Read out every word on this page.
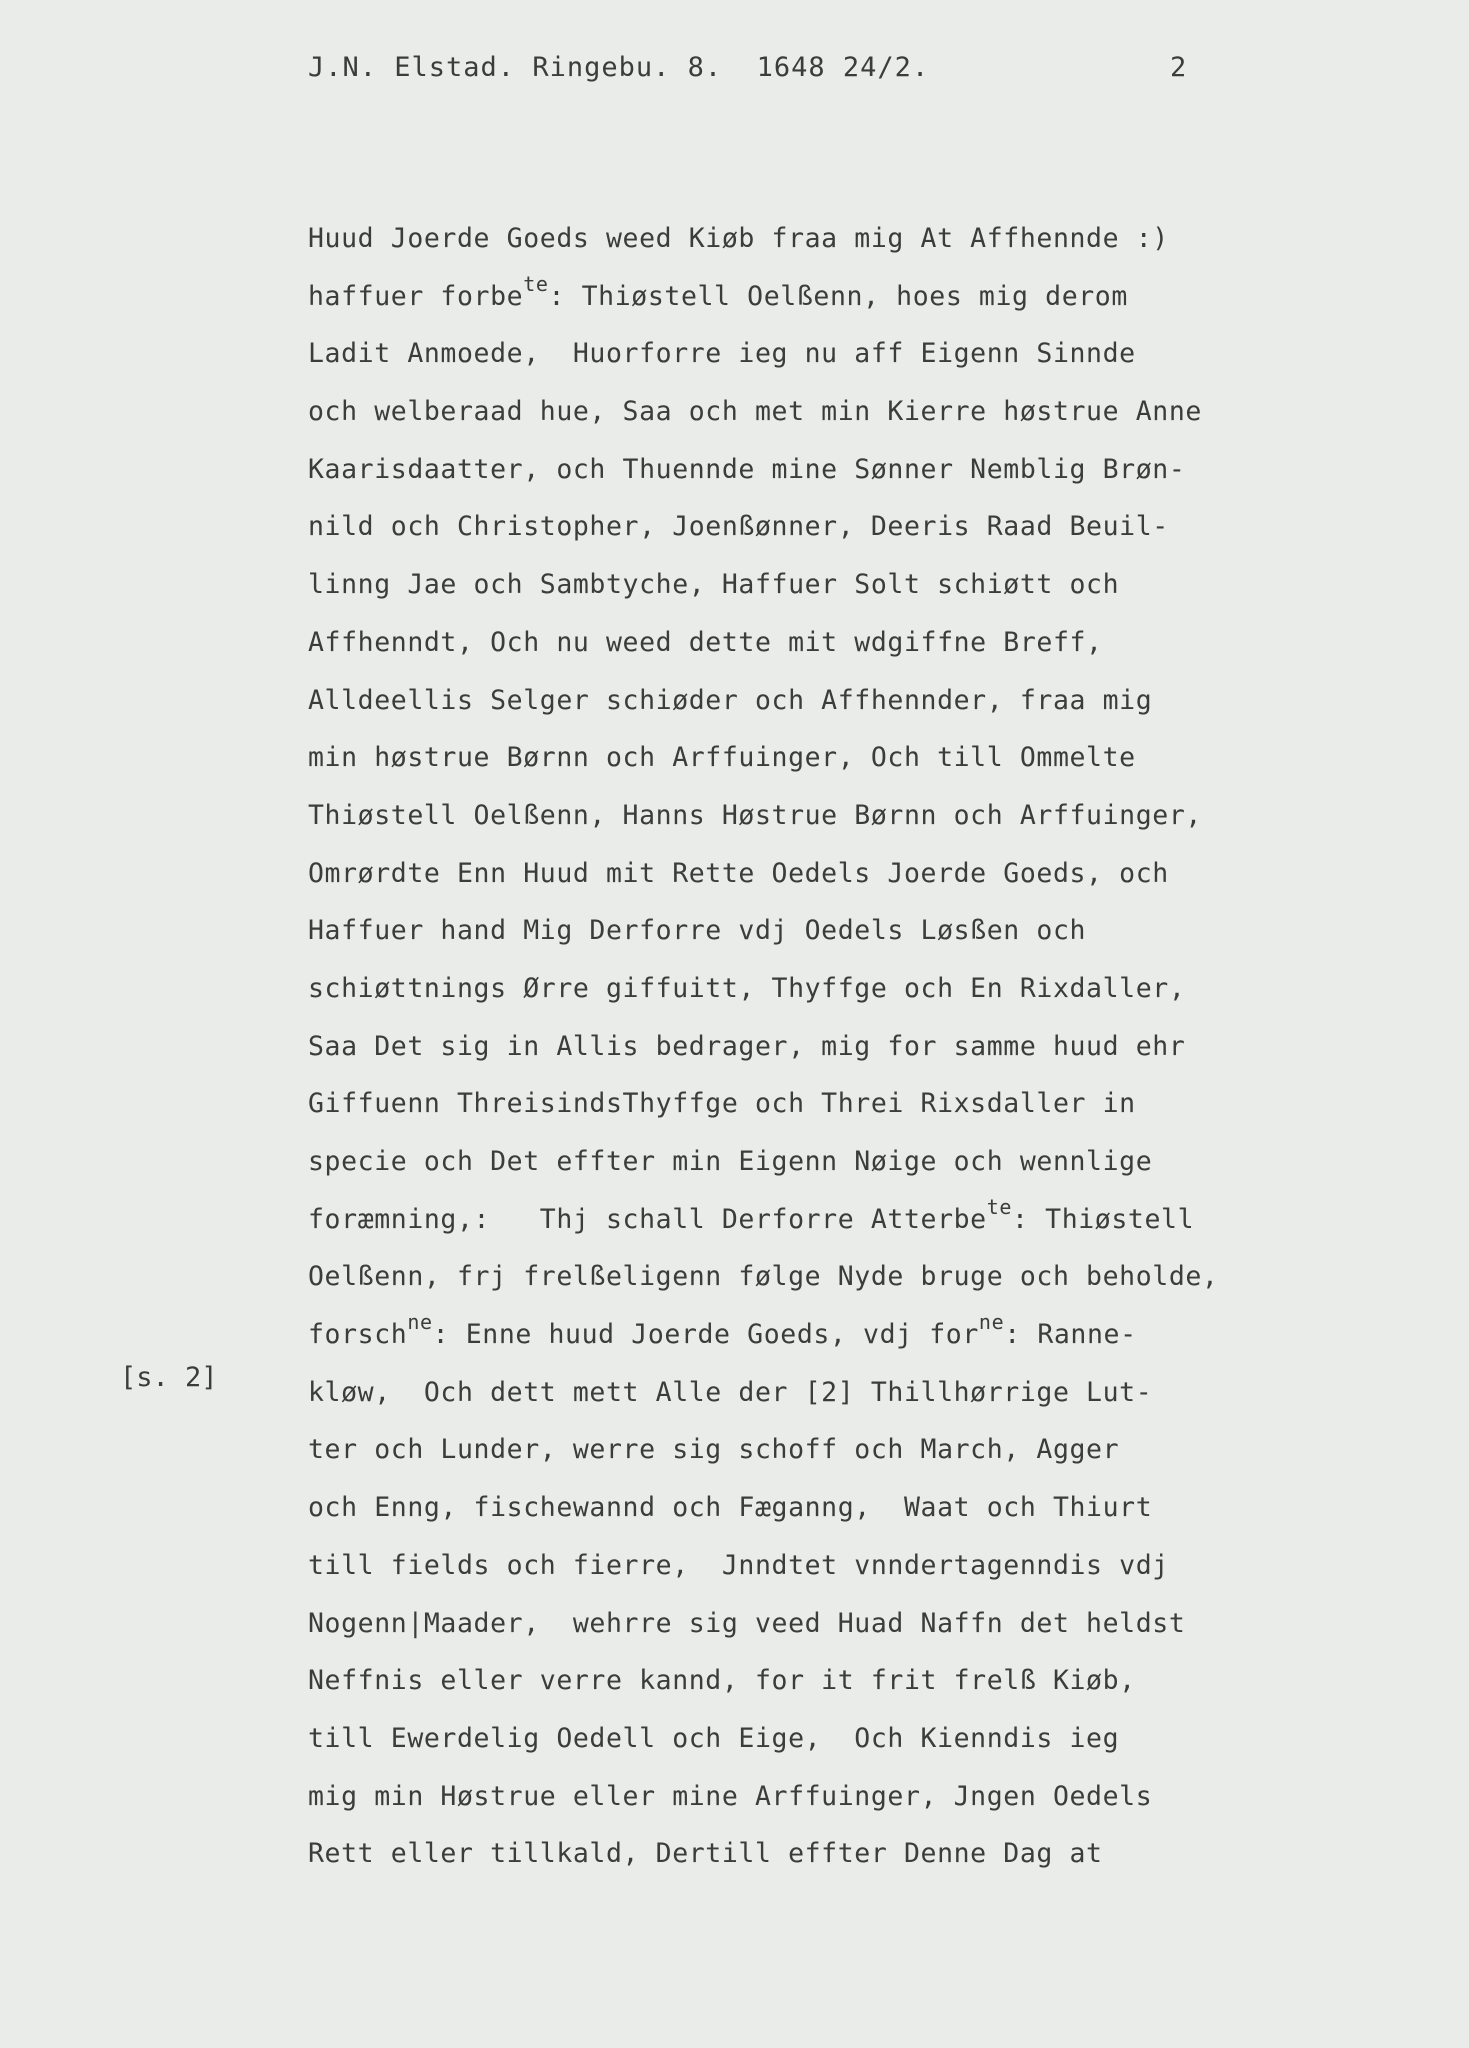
J.N. Elstad. Ringebu. 8.  1648 24/2.	2
[s. 2]
Huud Joerde Goeds weed Kiøb fraa mig At Affhennde :)
haffuer forbe$^{te}$: Thiøstell Oelßenn, hoes mig derom
Ladit Anmoede,  Huorforre ieg nu aff Eigenn Sinnde
och welberaad hue, Saa och met min Kierre høstrue Anne
Kaarisdaatter, och Thuennde mine Sønner Nemblig Brøn-
nild och Christopher, Joenßønner, Deeris Raad Beuil-
linng Jae och Sambtyche, Haffuer Solt schiøtt och
Affhenndt, Och nu weed dette mit wdgiffne Breff,
Alldeellis Selger schiøder och Affhennder, fraa mig
min høstrue Børnn och Arffuinger, Och till Ommelte
Thiøstell Oelßenn, Hanns Høstrue Børnn och Arffuinger,
Omrørdte Enn Huud mit Rette Oedels Joerde Goeds, och
Haffuer hand Mig Derforre vdj Oedels Løsßen och
schiøttnings Ørre giffuitt, Thyffge och En Rixdaller,
Saa Det sig in Allis bedrager, mig for samme huud ehr
Giffuenn ThreisindsThyffge och Threi Rixsdaller in
specie och Det effter min Eigenn Nøige och wennlige
foræmning,:   Thj schall Derforre Atterbe$^{te}$: Thiøstell
Oelßenn, frj frelßeligenn følge Nyde bruge och beholde,
forsch$^{ne}$: Enne huud Joerde Goeds, vdj for$^{ne}$: Ranne-
kløw,  Och dett mett Alle der [2] Thillhørrige Lut-
ter och Lunder, werre sig schoff och March, Agger
och Enng, fischewannd och Fæganng,  Waat och Thiurt
till fields och fierre,  Jnndtet vnndertagenndis vdj
Nogenn|Maader,  wehrre sig veed Huad Naffn det heldst
Neffnis eller verre kannd, for it frit frelß Kiøb,
till Ewerdelig Oedell och Eige,  Och Kienndis ieg
mig min Høstrue eller mine Arffuinger, Jngen Oedels
Rett eller tillkald, Dertill effter Denne Dag at
